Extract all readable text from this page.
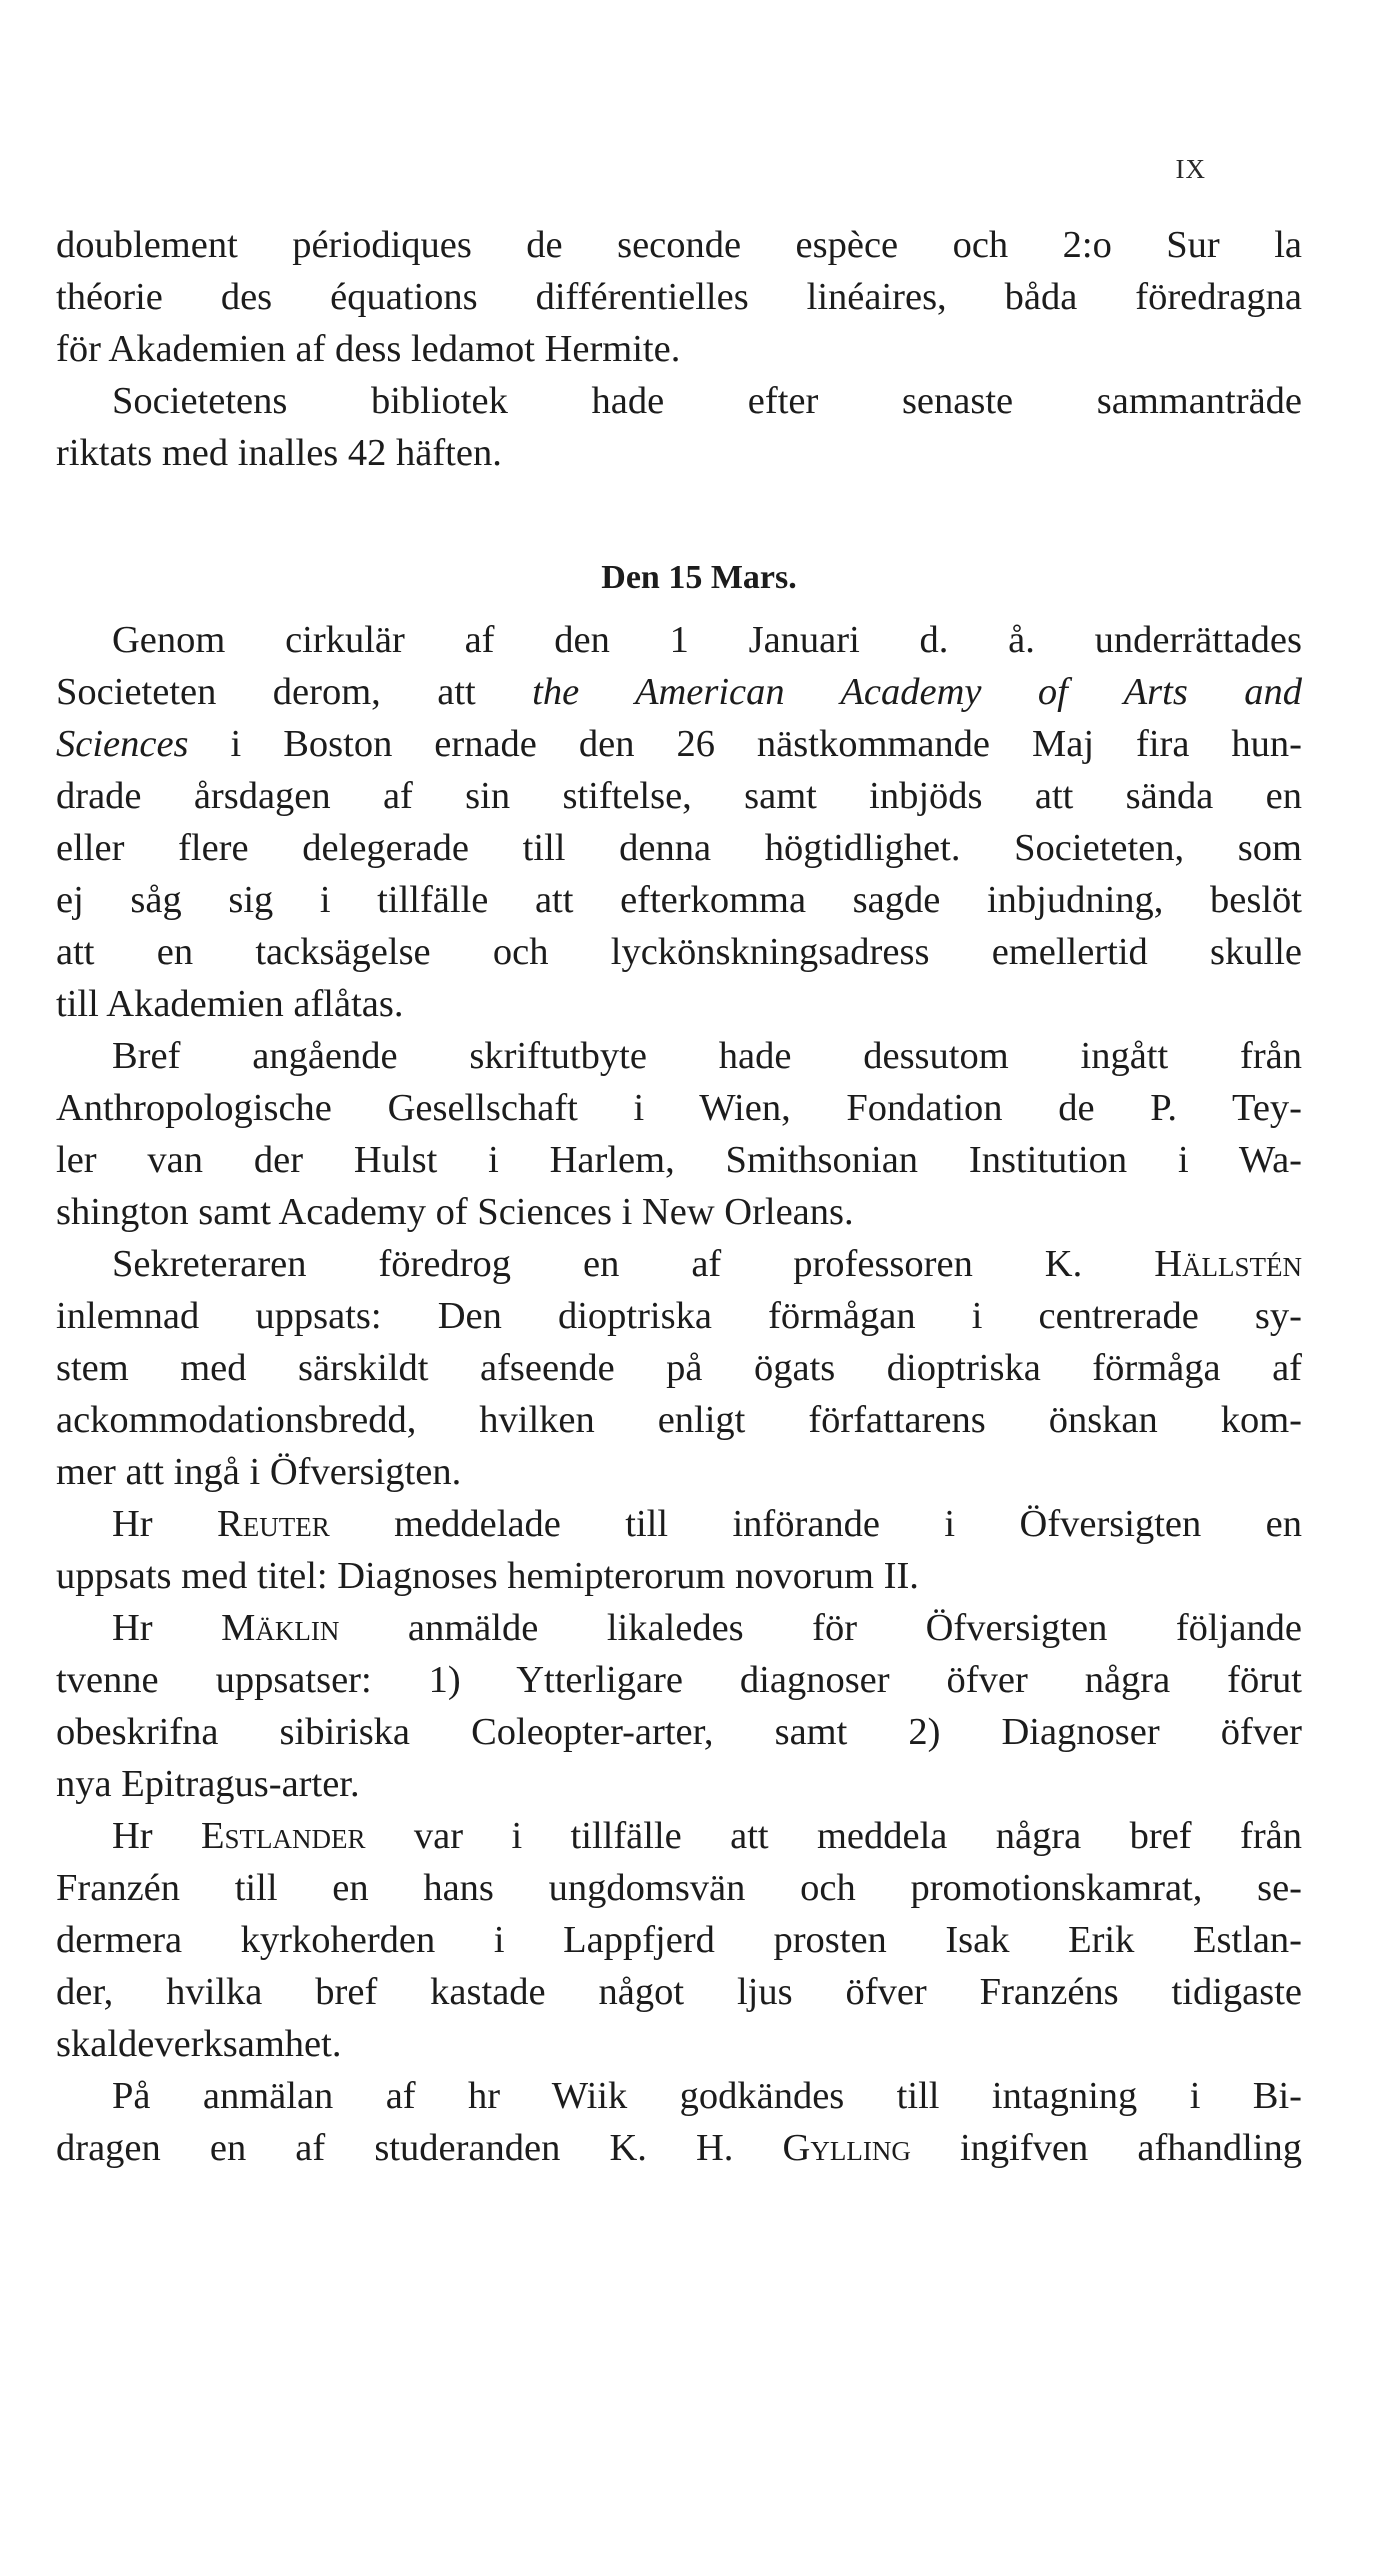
IX
doublement périodiques de seconde espèce och 2:o Sur la
théorie des équations différentielles linéaires, båda föredragna
för Akademien af dess ledamot Hermite.
Societetens bibliotek hade efter senaste sammanträde
riktats med inalles 42 häften.
Den 15 Mars.
Genom cirkulär af den 1 Januari d. å. underrättades
Societeten derom, att the American Academy of Arts and
Sciences i Boston ernade den 26 nästkommande Maj fira hun-
drade årsdagen af sin stiftelse, samt inbjöds att sända en
eller flere delegerade till denna högtidlighet. Societeten, som
ej såg sig i tillfälle att efterkomma sagde inbjudning, beslöt
att en tacksägelse och lyckönskningsadress emellertid skulle
till Akademien aflåtas.
Bref angående skriftutbyte hade dessutom ingått från
Anthropologische Gesellschaft i Wien, Fondation de P. Tey-
ler van der Hulst i Harlem, Smithsonian Institution i Wa-
shington samt Academy of Sciences i New Orleans.
Sekreteraren föredrog en af professoren K. Hällstén
inlemnad uppsats: Den dioptriska förmågan i centrerade sy-
stem med särskildt afseende på ögats dioptriska förmåga af
ackommodationsbredd, hvilken enligt författarens önskan kom-
mer att ingå i Öfversigten.
Hr Reuter meddelade till införande i Öfversigten en
uppsats med titel: Diagnoses hemipterorum novorum II.
Hr Mäklin anmälde likaledes för Öfversigten följande
tvenne uppsatser: 1) Ytterligare diagnoser öfver några förut
obeskrifna sibiriska Coleopter-arter, samt 2) Diagnoser öfver
nya Epitragus-arter.
Hr Estlander var i tillfälle att meddela några bref från
Franzén till en hans ungdomsvän och promotionskamrat, se-
dermera kyrkoherden i Lappfjerd prosten Isak Erik Estlan-
der, hvilka bref kastade något ljus öfver Franzéns tidigaste
skaldeverksamhet.
På anmälan af hr Wiik godkändes till intagning i Bi-
dragen en af studeranden K. H. Gylling ingifven afhandling
